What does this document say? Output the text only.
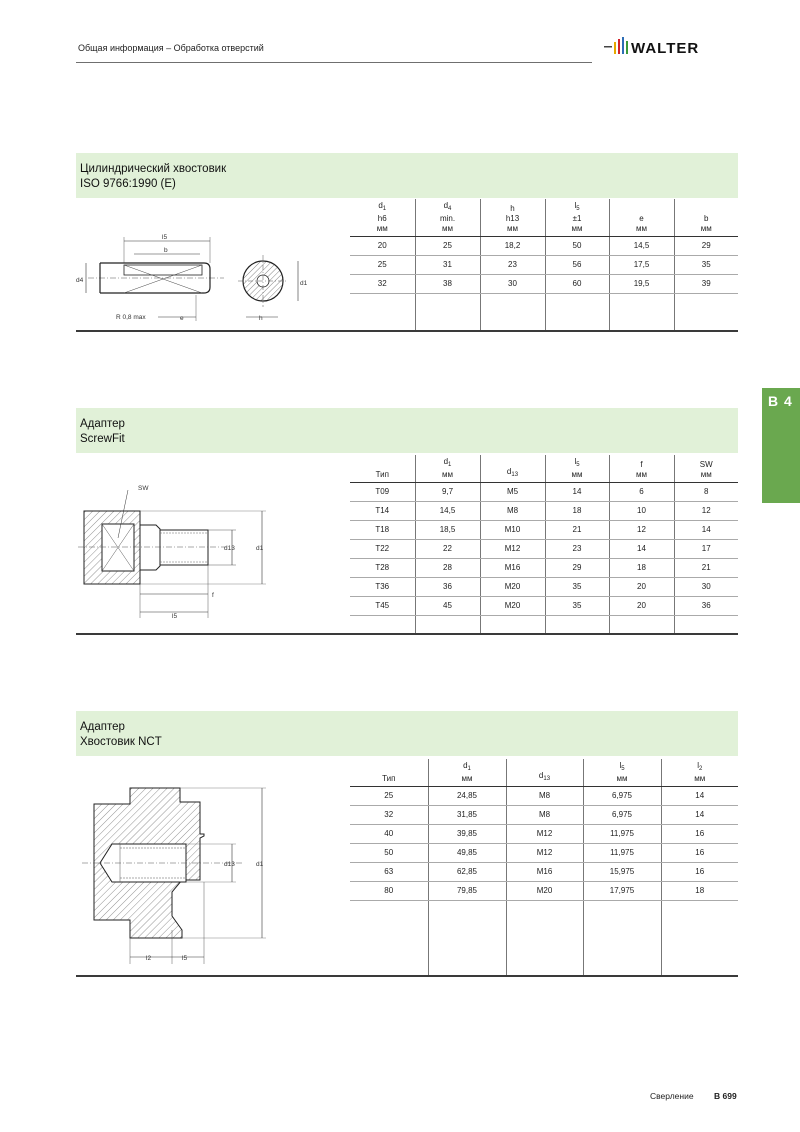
Общая информация – Обработка отверстий	WALTER
B 4
Цилиндрический хвостовик
ISO 9766:1990 (E)
l5
b
d4
R 0,8 max	e
d1
h
$d_1$
h6
мм	$d_4$
min.
мм	h
h13
мм	$l_5$
±1
мм	e
мм	b
мм

20	25	18,2	50	14,5	29
25	31	23	56	17,5	35
32	38	30	60	19,5	39

Адаптер
ScrewFit
SW
d13	d1
f
l5
Тип	$d_1$
мм	$d_{13}$	$l_5$
мм	f
мм	SW
мм

T09	9,7	M5	14	6	8
T14	14,5	M8	18	10	12
T18	18,5	M10	21	12	14
T22	22	M12	23	14	17
T28	28	M16	29	18	21
T36	36	M20	35	20	30
T45	45	M20	35	20	36

Адаптер
Хвостовик NCT
d13	d1
l2	l5
Тип	$d_1$
мм	$d_{13}$	$l_5$
мм	$l_2$
мм

25	24,85	M8	6,975	14
32	31,85	M8	6,975	14
40	39,85	M12	11,975	16
50	49,85	M12	11,975	16
63	62,85	M16	15,975	16
80	79,85	M20	17,975	18

Сверление B 699
